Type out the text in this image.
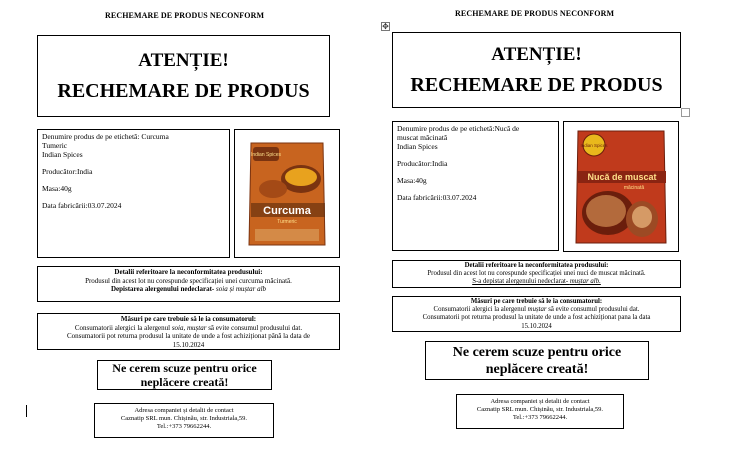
RECHEMARE DE PRODUS NECONFORM
ATENȚIE!
RECHEMARE DE PRODUS

Denumire produs de pe etichetă: Curcuma

Tumeric

Indian Spices

Producător:India

Masa:40g

Data fabricării:03.07.2024

Indian Spices
Curcuma
Turmeric

Detalii referitoare la neconformitatea produsului:

Produsul din acest lot nu corespunde specificației unei curcuma măcinată.

Depistarea alergenului nedeclarat- soia și muștar alb

Măsuri pe care trebuie să le ia consumatorul:

Consumatorii alergici la alergenul soia, muștar să evite consumul produsului dat.

Consumatorii pot returna produsul la unitate de unde a fost achiziționat până la data de

15.10.2024

Ne cerem scuze pentru orice
neplăcere creată!

Adresa companiei și detalii de contact

Caznatip SRL mun. Chișinău, str. Industriala,59.

Tel.:+373 79662244.

RECHEMARE DE PRODUS NECONFORM
✥
ATENȚIE!
RECHEMARE DE PRODUS

Denumire produs de pe etichetă:Nucă de

muscat măcinată

Indian Spices

Producător:India

Masa:40g

Data fabricării:03.07.2024

Indian Spices
Nucă de muscat
măcinată

Detalii referitoare la neconformitatea produsului:

Produsul din acest lot nu corespunde specificației unei nuci de muscat măcinată.

S-a depistat alergenului nedeclarat- muștar alb.

Măsuri pe care trebuie să le ia consumatorul:

Consumatorii alergici la alergenul muștar să evite consumul produsului dat.

Consumatorii pot returna produsul la unitate de unde a fost achiziționat pana la data

15.10.2024

Ne cerem scuze pentru orice
neplăcere creată!

Adresa companiei și detalii de contact

Caznatip SRL mun. Chișinău, str. Industriala,59.

Tel.:+373 79662244.
